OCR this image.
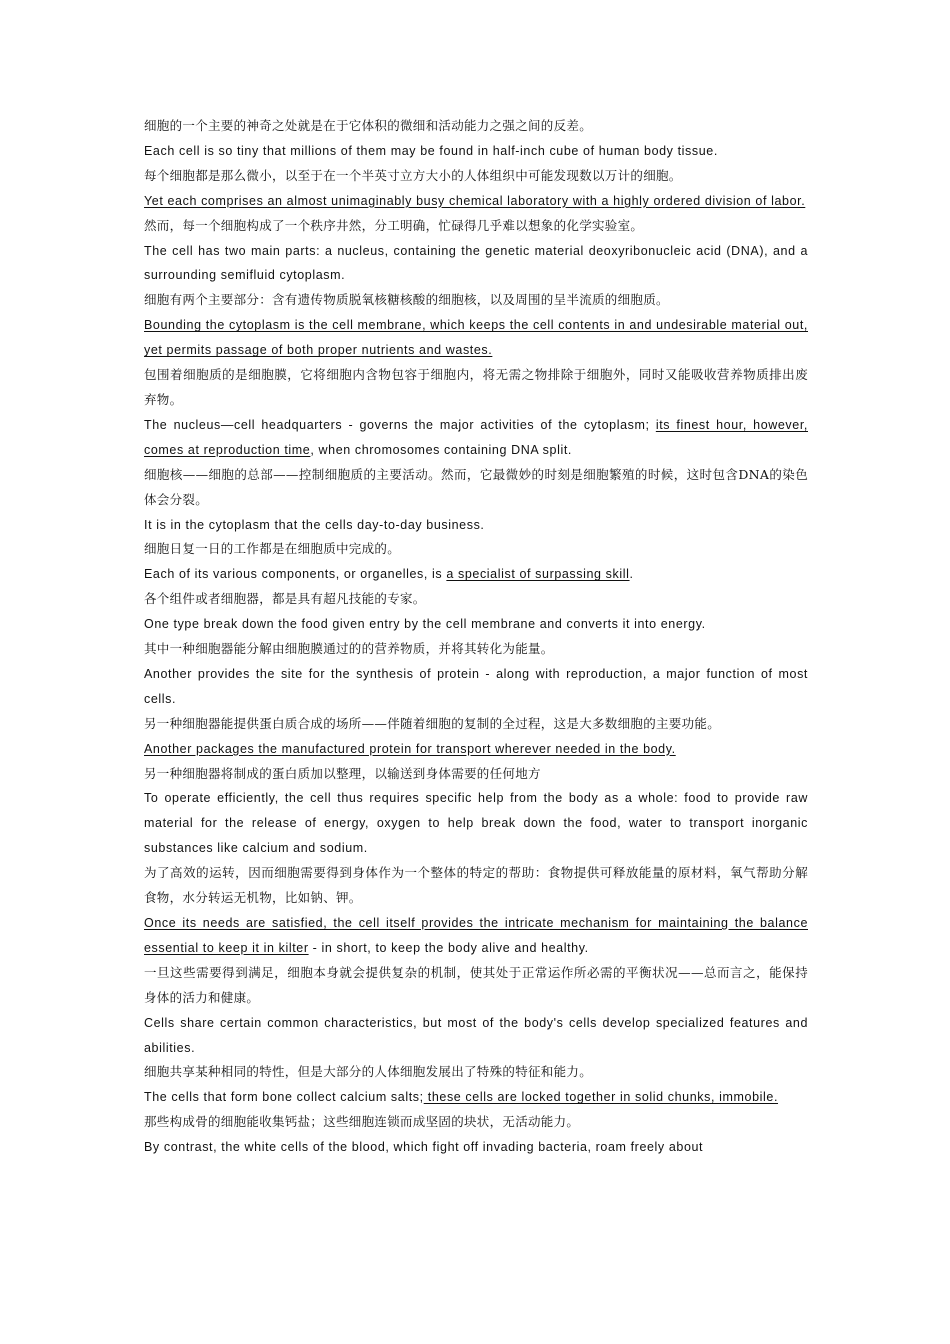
细胞的一个主要的神奇之处就是在于它体积的微细和活动能力之强之间的反差。

Each cell is so tiny that millions of them may be found in half-inch cube of human body tissue.

每个细胞都是那么微小，以至于在一个半英寸立方大小的人体组织中可能发现数以万计的细胞。

Yet each comprises an almost unimaginably busy chemical laboratory with a highly ordered division of labor.

然而，每一个细胞构成了一个秩序井然，分工明确，忙碌得几乎难以想象的化学实验室。

The cell has two main parts: a nucleus, containing the genetic material deoxyribonucleic acid (DNA), and a surrounding semifluid cytoplasm.

细胞有两个主要部分：含有遗传物质脱氧核糖核酸的细胞核，以及周围的呈半流质的细胞质。

Bounding the cytoplasm is the cell membrane, which keeps the cell contents in and undesirable material out, yet permits passage of both proper nutrients and wastes.

包围着细胞质的是细胞膜，它将细胞内含物包容于细胞内，将无需之物排除于细胞外，同时又能吸收营养物质排出废弃物。

The nucleus—cell headquarters - governs the major activities of the cytoplasm; its finest hour, however, comes at reproduction time, when chromosomes containing DNA split.

细胞核——细胞的总部——控制细胞质的主要活动。然而，它最微妙的时刻是细胞繁殖的时候，这时包含DNA的染色体会分裂。

It is in the cytoplasm that the cells day-to-day business.

细胞日复一日的工作都是在细胞质中完成的。

Each of its various components, or organelles, is a specialist of surpassing skill.

各个组件或者细胞器，都是具有超凡技能的专家。

One type break down the food given entry by the cell membrane and converts it into energy.

其中一种细胞器能分解由细胞膜通过的的营养物质，并将其转化为能量。

Another provides the site for the synthesis of protein - along with reproduction, a major function of most cells.

另一种细胞器能提供蛋白质合成的场所——伴随着细胞的复制的全过程，这是大多数细胞的主要功能。

Another packages the manufactured protein for transport wherever needed in the body.

另一种细胞器将制成的蛋白质加以整理，以输送到身体需要的任何地方

To operate efficiently, the cell thus requires specific help from the body as a whole: food to provide raw material for the release of energy, oxygen to help break down the food, water to transport inorganic substances like calcium and sodium.

为了高效的运转，因而细胞需要得到身体作为一个整体的特定的帮助：食物提供可释放能量的原材料，氧气帮助分解食物，水分转运无机物，比如钠、钾。

Once its needs are satisfied, the cell itself provides the intricate mechanism for maintaining the balance essential to keep it in kilter - in short, to keep the body alive and healthy.

一旦这些需要得到满足，细胞本身就会提供复杂的机制，使其处于正常运作所必需的平衡状况——总而言之，能保持身体的活力和健康。

Cells share certain common characteristics, but most of the body's cells develop specialized features and abilities.

细胞共享某种相同的特性，但是大部分的人体细胞发展出了特殊的特征和能力。

The cells that form bone collect calcium salts; these cells are locked together in solid chunks, immobile.

那些构成骨的细胞能收集钙盐；这些细胞连锁而成坚固的块状，无活动能力。

By contrast, the white cells of the blood, which fight off invading bacteria, roam freely about
